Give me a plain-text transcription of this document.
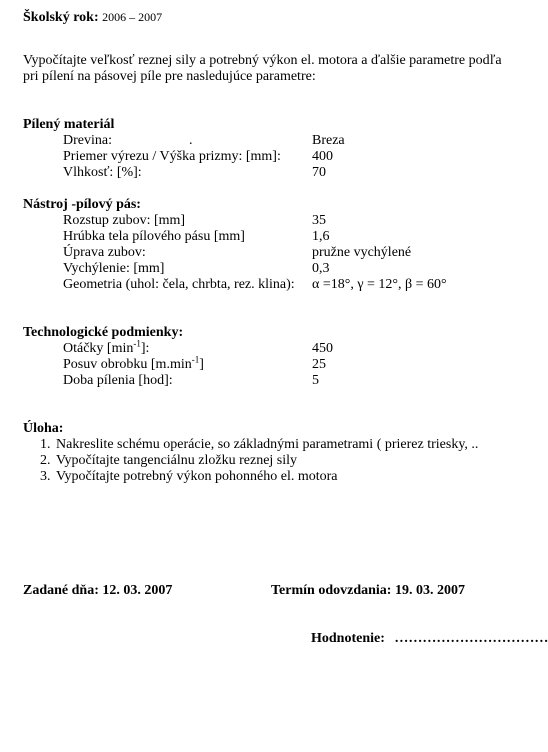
Školský rok: 2006 – 2007
Vypočítajte veľkosť reznej sily a potrebný výkon el. motora a ďalšie parametre podľa
pri pílení na pásovej píle pre nasledujúce parametre:
Pílený materiál
Drevina:	.	Breza
Priemer výrezu / Výška prizmy: [mm]: 400
Vlhkosť: [%]:	70
Nástroj -pílový pás:
Rozstup zubov: [mm]	35
Hrúbka tela pílového pásu [mm]	1,6
Úprava zubov:	pružne vychýlené
Vychýlenie: [mm]	0,3
Geometria (uhol: čela, chrbta, rez. klina): α =18°, γ = 12°, β = 60°
Technologické podmienky:
Otáčky $[\min^{-1}]$:	450
Posuv obrobku $[m.\min^{-1}]$	25
Doba pílenia [hod]:	5
Úloha:
1. Nakreslite schému operácie, so základnými parametrami ( prierez triesky, ..
2. Vypočítajte tangenciálnu zložku reznej sily
3. Vypočítajte potrebný výkon pohonného el. motora
Zadané dňa: 12. 03. 2007	Termín odovzdania: 19. 03. 2007
Hodnotenie: ……………………………
